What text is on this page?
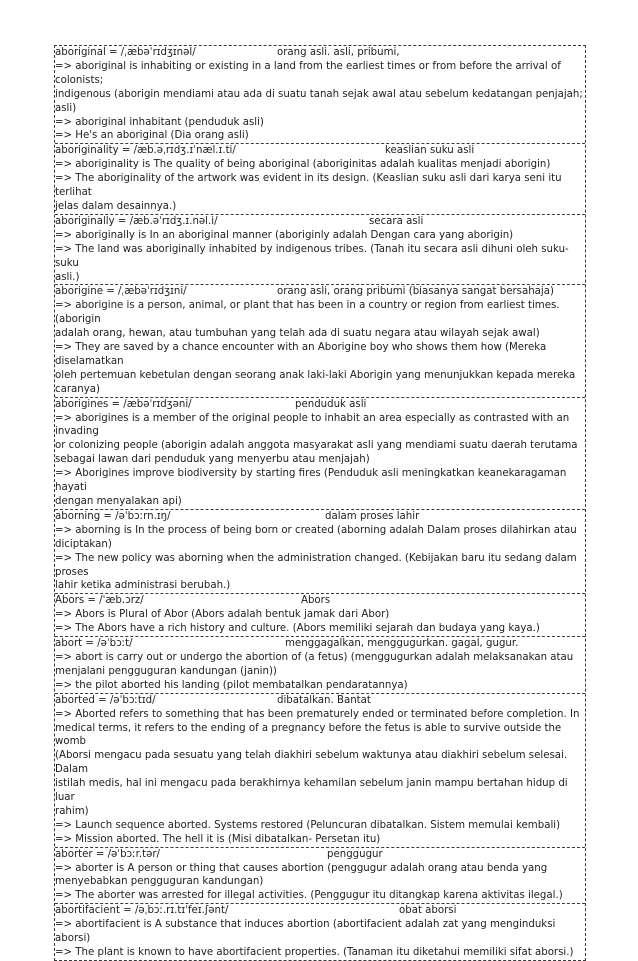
aboriginal = /ˌæbəˈrɪdʒɪnəl/	orang asli. asli, pribumi,
=> aboriginal is inhabiting or existing in a land from the earliest times or from before the arrival of colonists;
indigenous (aborigin mendiami atau ada di suatu tanah sejak awal atau sebelum kedatangan penjajah; asli)
=> aboriginal inhabitant (penduduk asli)
=> He's an aboriginal (Dia orang asli)
aboriginality = /æb.əˌrɪdʒ.ɪˈnæl.ɪ.ti/	keaslian suku asli
=> aboriginality is The quality of being aboriginal (aboriginitas adalah kualitas menjadi aborigin)
=> The aboriginality of the artwork was evident in its design. (Keaslian suku asli dari karya seni itu terlihat
jelas dalam desainnya.)
aboriginally = /æb.əˈrɪdʒ.ɪ.nəl.i/	secara asli
=> aboriginally is In an aboriginal manner (aboriginly adalah Dengan cara yang aborigin)
=> The land was aboriginally inhabited by indigenous tribes. (Tanah itu secara asli dihuni oleh suku-suku
asli.)
aborigine = /ˌæbəˈrɪdʒɪni/	orang asli, orang pribumi (biasanya sangat bersahaja)
=> aborigine is a person, animal, or plant that has been in a country or region from earliest times. (aborigin
adalah orang, hewan, atau tumbuhan yang telah ada di suatu negara atau wilayah sejak awal)
=> They are saved by a chance encounter with an Aborigine boy who shows them how (Mereka
diselamatkan
oleh pertemuan kebetulan dengan seorang anak laki-laki Aborigin yang menunjukkan kepada mereka
caranya)
aborigines = /æbəˈrɪdʒəni/	penduduk asli
=> aborigines is a member of the original people to inhabit an area especially as contrasted with an invading
or colonizing people (aborigin adalah anggota masyarakat asli yang mendiami suatu daerah terutama
sebagai lawan dari penduduk yang menyerbu atau menjajah)
=> Aborigines improve biodiversity by starting fires (Penduduk asli meningkatkan keanekaragaman hayati
dengan menyalakan api)
aborning = /əˈbɔːrn.ɪŋ/	dalam proses lahir
=> aborning is In the process of being born or created (aborning adalah Dalam proses dilahirkan atau
diciptakan)
=> The new policy was aborning when the administration changed. (Kebijakan baru itu sedang dalam proses
lahir ketika administrasi berubah.)
Abors = /ˈæb.ɔrz/	Abors
=> Abors is Plural of Abor (Abors adalah bentuk jamak dari Abor)
=> The Abors have a rich history and culture. (Abors memiliki sejarah dan budaya yang kaya.)
abort = /əˈbɔːt/	menggagalkan, menggugurkan. gagal, gugur.
=> abort is carry out or undergo the abortion of (a fetus) (menggugurkan adalah melaksanakan atau
menjalani pengguguran kandungan (janin))
=> the pilot aborted his landing (pilot membatalkan pendaratannya)
aborted = /əˈbɔːtɪd/	dibatalkan. Bantat
=> Aborted refers to something that has been prematurely ended or terminated before completion. In
medical terms, it refers to the ending of a pregnancy before the fetus is able to survive outside the womb
(Aborsi mengacu pada sesuatu yang telah diakhiri sebelum waktunya atau diakhiri sebelum selesai. Dalam
istilah medis, hal ini mengacu pada berakhirnya kehamilan sebelum janin mampu bertahan hidup di luar
rahim)
=> Launch sequence aborted. Systems restored (Peluncuran dibatalkan. Sistem memulai kembali)
=> Mission aborted. The hell it is (Misi dibatalkan- Persetan itu)
aborter = /əˈbɔːr.tər/	penggugur
=> aborter is A person or thing that causes abortion (penggugur adalah orang atau benda yang
menyebabkan pengguguran kandungan)
=> The aborter was arrested for illegal activities. (Penggugur itu ditangkap karena aktivitas ilegal.)
abortifacient = /əˌbɔː.rɪ.tɪˈfeɪ.ʃənt/	obat aborsi
=> abortifacient is A substance that induces abortion (abortifacient adalah zat yang menginduksi aborsi)
=> The plant is known to have abortifacient properties. (Tanaman itu diketahui memiliki sifat aborsi.)
